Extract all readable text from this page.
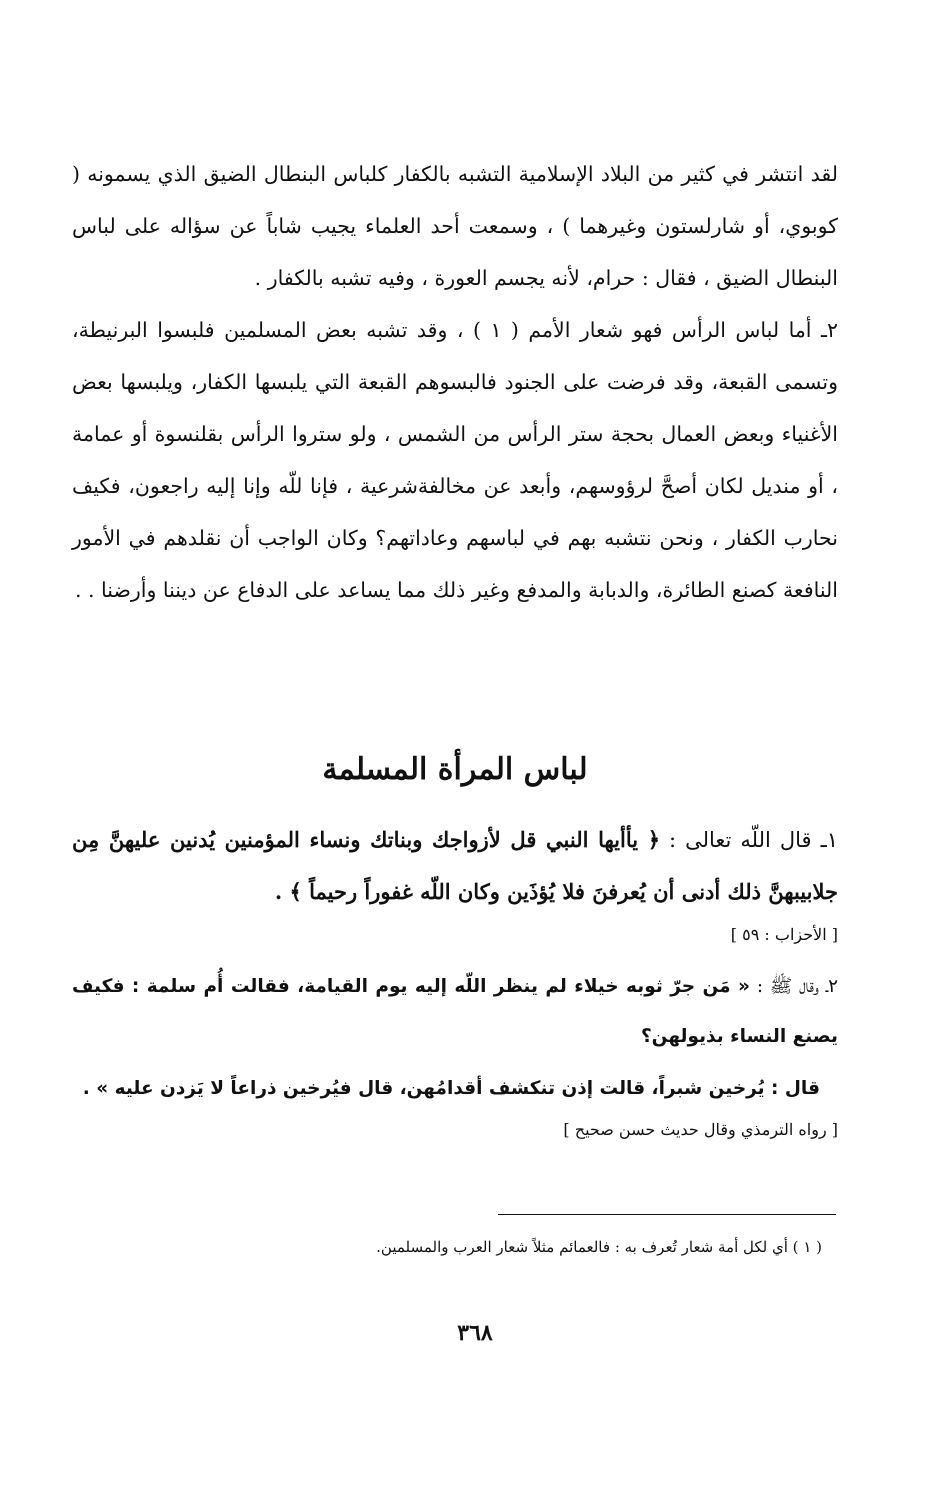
لقد انتشر في كثير من البلاد الإسلامية التشبه بالكفار كلباس البنطال الضيق الذي يسمونه ( كوبوي، أو شارلستون وغيرهما ) ، وسمعت أحد العلماء يجيب شاباً عن سؤاله على لباس البنطال الضيق ، فقال : حرام، لأنه يجسم العورة ، وفيه تشبه بالكفار .

٢ـ أما لباس الرأس فهو شعار الأمم ( ١ ) ، وقد تشبه بعض المسلمين فلبسوا البرنيطة، وتسمى القبعة، وقد فرضت على الجنود فالبسوهم القبعة التي يلبسها الكفار، ويلبسها بعض الأغنياء وبعض العمال بحجة ستر الرأس من الشمس ، ولو ستروا الرأس بقلنسوة أو عمامة ، أو منديل لكان أصحَّ لرؤوسهم، وأبعد عن مخالفةشرعية ، فإنا للّه وإنا إليه راجعون، فكيف نحارب الكفار ، ونحن نتشبه بهم في لباسهم وعاداتهم؟ وكان الواجب أن نقلدهم في الأمور النافعة كصنع الطائرة، والدبابة والمدفع وغير ذلك مما يساعد على الدفاع عن ديننا وأرضنا . .

لباس المرأة المسلمة

١ـ قال اللّه تعالى : ﴿ يأأيها النبي قل لأزواجك وبناتك ونساء المؤمنين يُدنين عليهنَّ مِن جلابيبهنَّ ذلك أدنى أن يُعرفنَ فلا يُؤذَين وكان اللّه غفوراً رحيماً ﴾ .

[ الأحزاب : ٥٩ ]

٢ـ وقال ﷺ : « مَن جرّ ثوبه خيلاء لم ينظر اللّه إليه يوم القيامة، فقالت أُم سلمة : فكيف يصنع النساء بذيولهن؟

قال : يُرخين شبراً، قالت إذن تنكشف أقدامُهن، قال فيُرخين ذراعاً لا يَزدن عليه » .

[ رواه الترمذي وقال حديث حسن صحيح ]

( ١ ) أي لكل أمة شعار تُعرف به : فالعمائم مثلاً شعار العرب والمسلمين.

٣٦٨
